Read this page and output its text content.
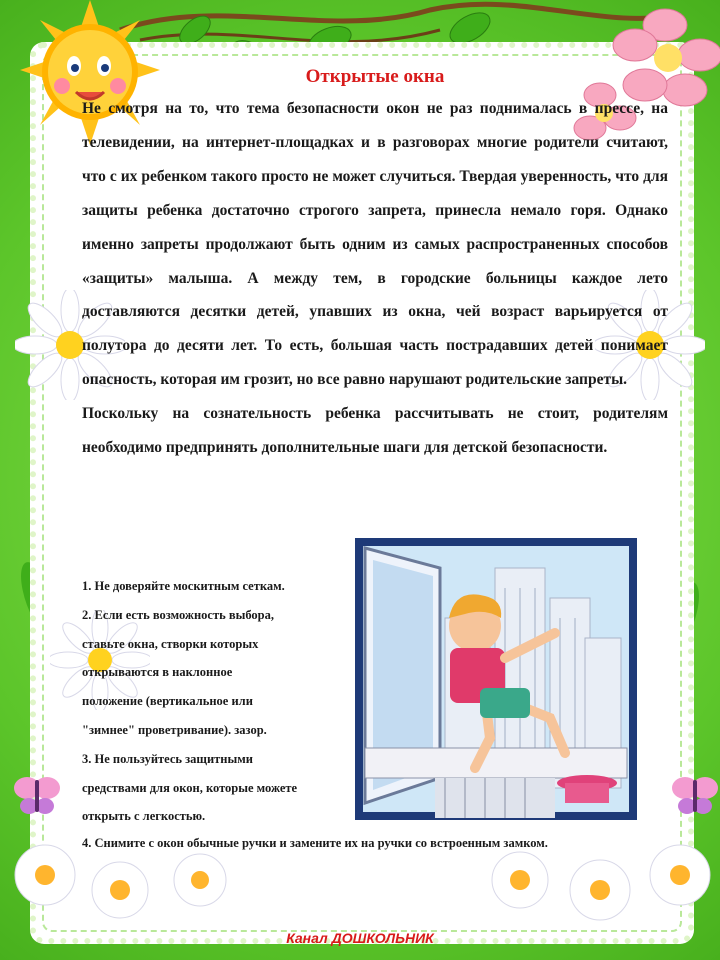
Открытые окна

Не смотря на то, что тема безопасности окон не раз поднималась в прессе, на телевидении, на интернет-площадках и в разговорах многие родители считают, что с их ребенком такого просто не может случиться. Твердая уверенность, что для защиты ребенка достаточно строгого запрета, принесла немало горя. Однако именно запреты продолжают быть одним из самых распространенных способов «защиты» малыша. А между тем, в городские больницы каждое лето доставляются десятки детей, упавших из окна, чей возраст варьируется от полутора до десяти лет. То есть, большая часть пострадавших детей понимает опасность, которая им грозит, но все равно нарушают родительские запреты.

Поскольку на сознательность ребенка рассчитывать не стоит, родителям необходимо предпринять дополнительные шаги для детской безопасности.

1. Не доверяйте москитным сеткам.
2. Если есть возможность выбора,
ставьте окна, створки которых
открываются в наклонное
положение (вертикальное или
"зимнее" проветривание). зазор.
3. Не пользуйтесь защитными
средствами для окон, которые можете
открыть с легкостью.
4. Снимите с окон обычные ручки и замените их на ручки со встроенным замком.
Канал ДОШКОЛЬНИК
